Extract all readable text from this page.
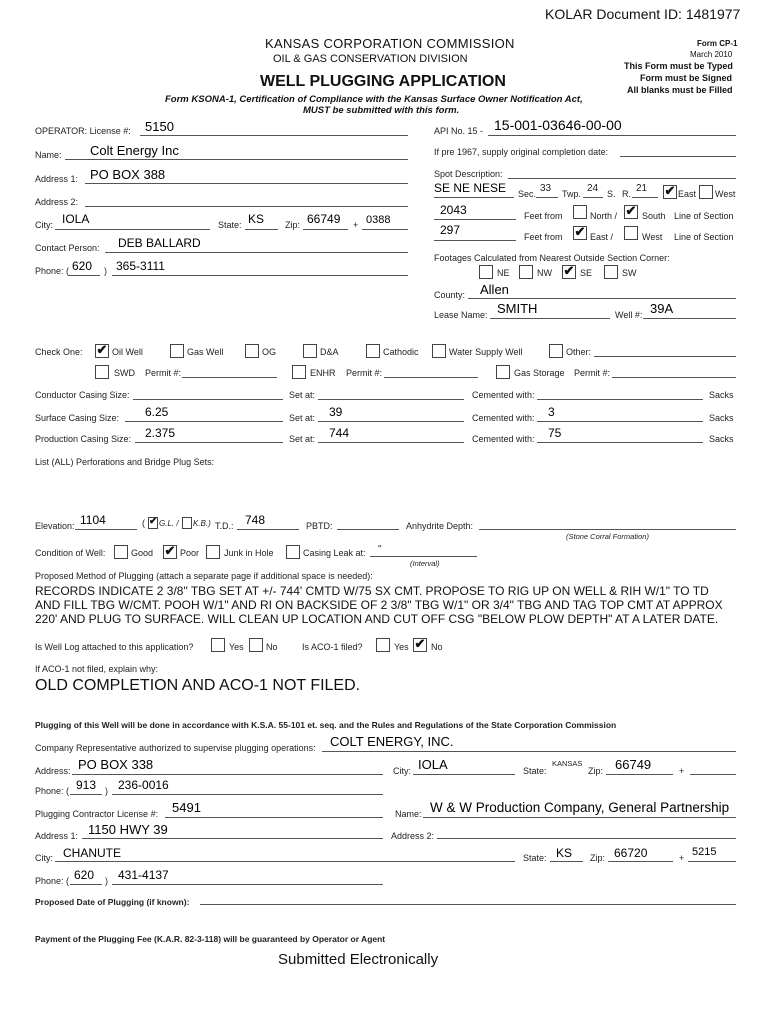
KOLAR Document ID: 1481977
KANSAS CORPORATION COMMISSION
OIL & GAS CONSERVATION DIVISION
WELL PLUGGING APPLICATION
Form KSONA-1, Certification of Compliance with the Kansas Surface Owner Notification Act,
MUST be submitted with this form.
Form CP-1
March 2010
This Form must be Typed
Form must be Signed
All blanks must be Filled
OPERATOR: License #: 5150
Name: Colt Energy Inc
Address 1: PO BOX 388
Address 2:
City: IOLA	State: KS Zip: 66749 + 0388
Contact Person: DEB BALLARD
Phone: ( 620 ) 365-3111
API No. 15 - 15-001-03646-00-00
If pre 1967, supply original completion date:
Spot Description:
SE NE NESE Sec. 33 Twp. 24 S. R. 21 ✔ East West
2043	Feet from	North / ✔ South Line of Section
297	Feet from ✔ East /	West Line of Section
Footages Calculated from Nearest Outside Section Corner:
NE	NW ✔ SE	SW
County: Allen
Lease Name: SMITH	Well #: 39A
Check One: ✔ Oil Well	Gas Well	OG	D&A	Cathodic	Water Supply Well	Other:
SWD Permit #:	ENHR Permit #:	Gas Storage Permit #:
Conductor Casing Size:	Set at:	Cemented with:	Sacks
Surface Casing Size: 6.25	Set at: 39	Cemented with: 3	Sacks
Production Casing Size: 2.375	Set at: 744	Cemented with: 75	Sacks
List (ALL) Perforations and Bridge Plug Sets:
Elevation: 1104	( ✔ G.L. / K.B.) T.D.: 748	PBTD:	Anhydrite Depth:
(Stone Corral Formation)
Condition of Well:	Good ✔ Poor	Junk in Hole	Casing Leak at: "
(Interval)
Proposed Method of Plugging (attach a separate page if additional space is needed):
RECORDS INDICATE 2 3/8" TBG SET AT +/- 744' CMTD W/75 SX CMT. PROPOSE TO RIG UP ON WELL & RIH W/1" TO TD
AND FILL TBG W/CMT. POOH W/1" AND RI ON BACKSIDE OF 2 3/8" TBG W/1" OR 3/4" TBG AND TAG TOP CMT AT APPROX
220' AND PLUG TO SURFACE. WILL CLEAN UP LOCATION AND CUT OFF CSG "BELOW PLOW DEPTH" AT A LATER DATE.
Is Well Log attached to this application?	Yes No	Is ACO-1 filed?	Yes ✔ No
If ACO-1 not filed, explain why:
OLD COMPLETION AND ACO-1 NOT FILED.
Plugging of this Well will be done in accordance with K.S.A. 55-101 et. seq. and the Rules and Regulations of the State Corporation Commission
Company Representative authorized to supervise plugging operations: COLT ENERGY, INC.
Address: PO BOX 338	City: IOLA	State:
KANSAS
Zip: 66749	+
Phone: ( 913 ) 236-0016
Plugging Contractor License #: 5491	Name: W & W Production Company, General Partnership
Address 1: 1150 HWY 39	Address 2:
City: CHANUTE	State: KS Zip: 66720	+ 5215
Phone: ( 620 ) 431-4137
Proposed Date of Plugging (if known):
Payment of the Plugging Fee (K.A.R. 82-3-118) will be guaranteed by Operator or Agent
Submitted Electronically
